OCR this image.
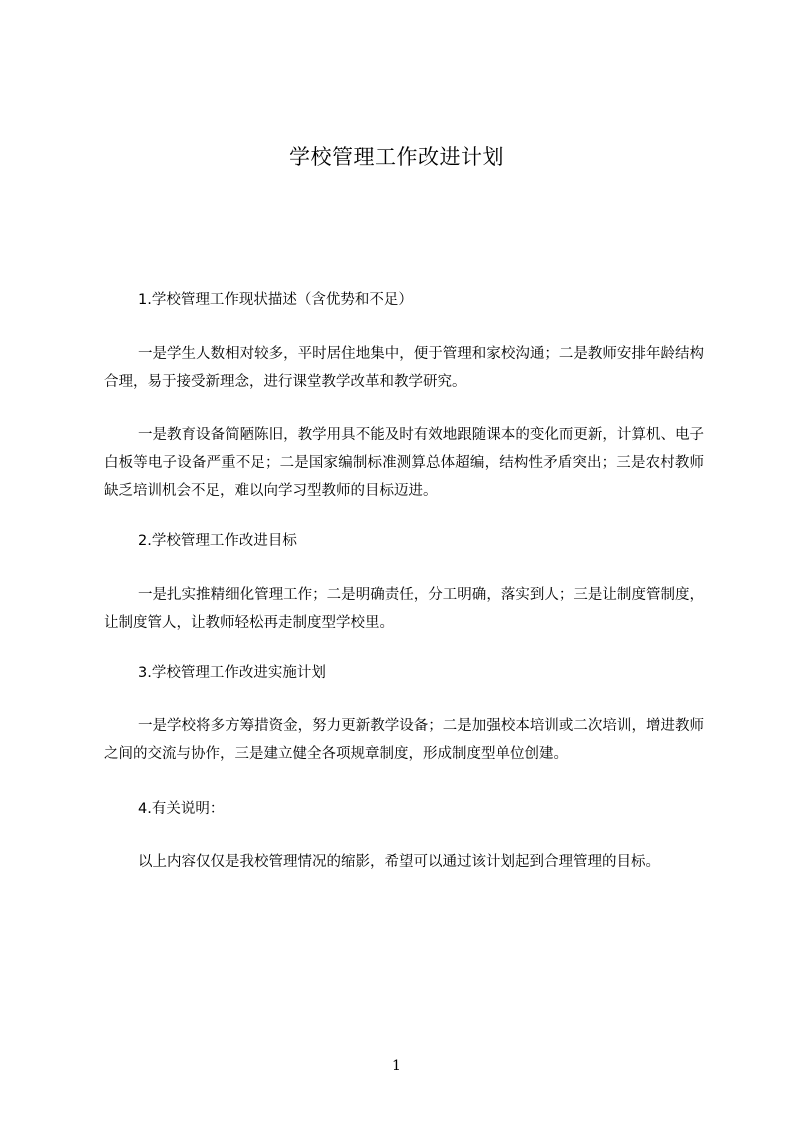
学校管理工作改进计划
1.学校管理工作现状描述（含优势和不足）
一是学生人数相对较多，平时居住地集中，便于管理和家校沟通；二是教师安排年龄结构合理，易于接受新理念，进行课堂教学改革和教学研究。
一是教育设备简陋陈旧，教学用具不能及时有效地跟随课本的变化而更新，计算机、电子白板等电子设备严重不足；二是国家编制标准测算总体超编，结构性矛盾突出；三是农村教师缺乏培训机会不足，难以向学习型教师的目标迈进。
2.学校管理工作改进目标
一是扎实推精细化管理工作；二是明确责任，分工明确，落实到人；三是让制度管制度，让制度管人，让教师轻松再走制度型学校里。
3.学校管理工作改进实施计划
一是学校将多方筹措资金，努力更新教学设备；二是加强校本培训或二次培训，增进教师之间的交流与协作，三是建立健全各项规章制度，形成制度型单位创建。
4.有关说明：
以上内容仅仅是我校管理情况的缩影，希望可以通过该计划起到合理管理的目标。
1
